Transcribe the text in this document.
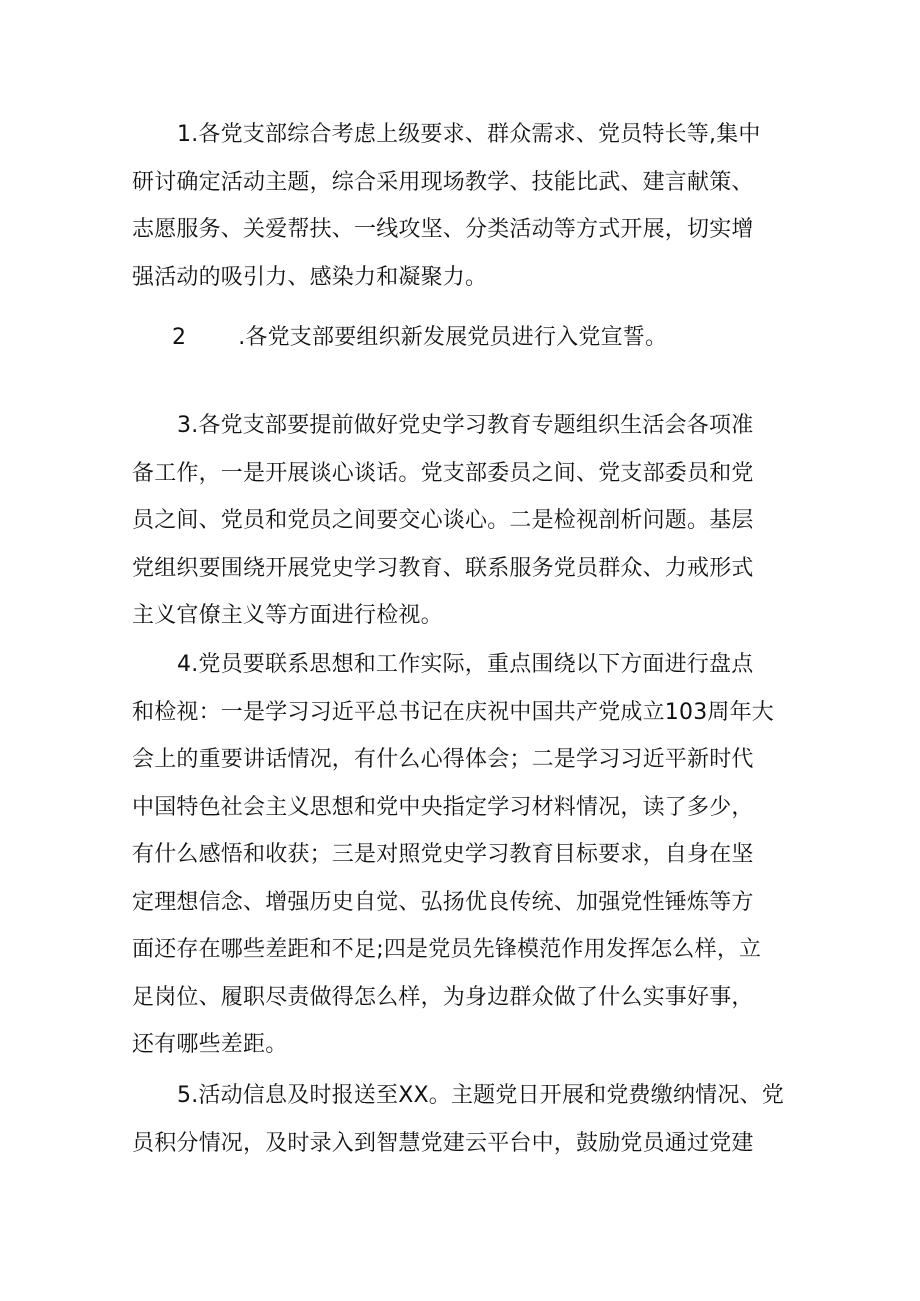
1.各党支部综合考虑上级要求、群众需求、党员特长等,集中
研讨确定活动主题，综合采用现场教学、技能比武、建言献策、
志愿服务、关爱帮扶、一线攻坚、分类活动等方式开展，切实增
强活动的吸引力、感染力和凝聚力。
2 .各党支部要组织新发展党员进行入党宣誓。
3.各党支部要提前做好党史学习教育专题组织生活会各项准
备工作，一是开展谈心谈话。党支部委员之间、党支部委员和党
员之间、党员和党员之间要交心谈心。二是检视剖析问题。基层
党组织要围绕开展党史学习教育、联系服务党员群众、力戒形式
主义官僚主义等方面进行检视。
4.党员要联系思想和工作实际，重点围绕以下方面进行盘点
和检视：一是学习习近平总书记在庆祝中国共产党成立103周年大
会上的重要讲话情况，有什么心得体会；二是学习习近平新时代
中国特色社会主义思想和党中央指定学习材料情况，读了多少，
有什么感悟和收获；三是对照党史学习教育目标要求，自身在坚
定理想信念、增强历史自觉、弘扬优良传统、加强党性锤炼等方
面还存在哪些差距和不足;四是党员先锋模范作用发挥怎么样，立
足岗位、履职尽责做得怎么样，为身边群众做了什么实事好事，
还有哪些差距。
5.活动信息及时报送至XX。主题党日开展和党费缴纳情况、党
员积分情况，及时录入到智慧党建云平台中，鼓励党员通过党建
